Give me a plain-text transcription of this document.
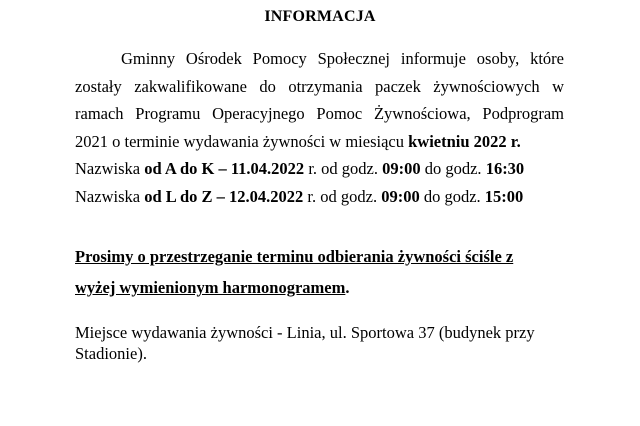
INFORMACJA
Gminny Ośrodek Pomocy Społecznej informuje osoby, które
zostały zakwalifikowane do otrzymania paczek żywnościowych w
ramach Programu Operacyjnego Pomoc Żywnościowa, Podprogram
2021 o terminie wydawania żywności w miesiącu kwietniu 2022 r.
Nazwiska od A do K – 11.04.2022 r. od godz. 09:00 do godz. 16:30
Nazwiska od L do Z – 12.04.2022 r. od godz. 09:00 do godz. 15:00
Prosimy o przestrzeganie terminu odbierania żywności ściśle z
wyżej wymienionym harmonogramem.
Miejsce wydawania żywności - Linia, ul. Sportowa 37 (budynek przy
Stadionie).
